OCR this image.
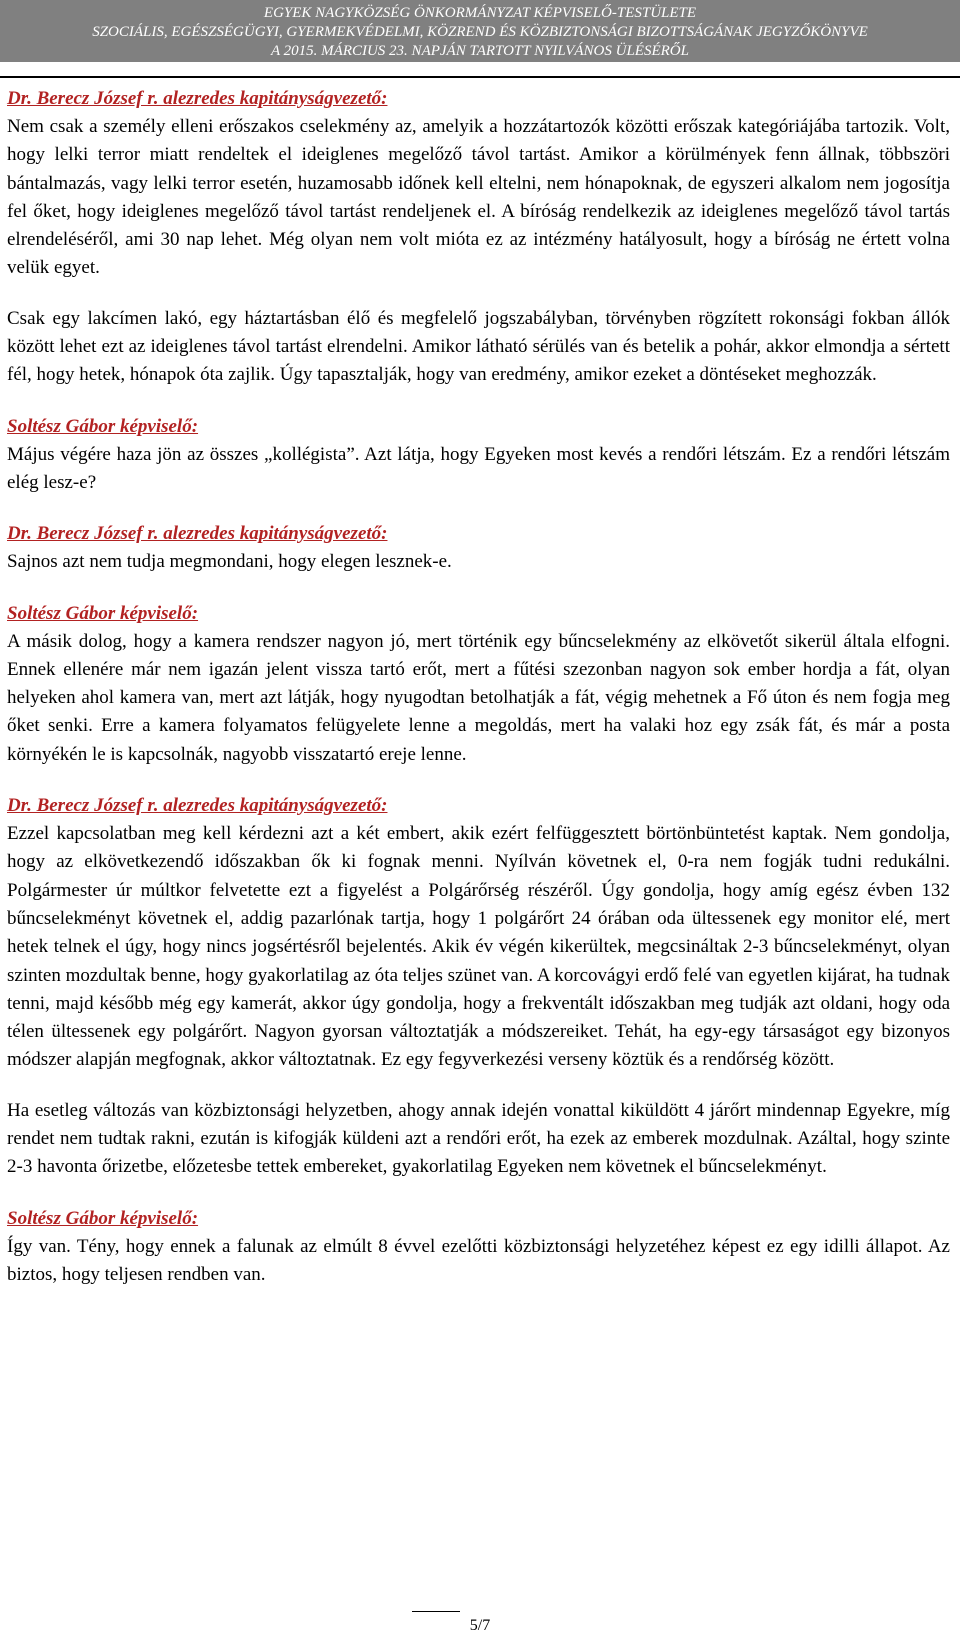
EGYEK NAGYKÖZSÉG ÖNKORMÁNYZAT KÉPVISELŐ-TESTÜLETE
SZOCIÁLIS, EGÉSZSÉGÜGYI, GYERMEKVÉDELMI, KÖZREND ÉS KÖZBIZTONSÁGI BIZOTTSÁGÁNAK JEGYZŐKÖNYVE
A 2015. MÁRCIUS 23. NAPJÁN TARTOTT NYILVÁNOS ÜLÉSÉRŐL

Dr. Berecz József r. alezredes kapitányságvezető:

Nem csak a személy elleni erőszakos cselekmény az, amelyik a hozzátartozók közötti erőszak kategóriájába tartozik. Volt, hogy lelki terror miatt rendeltek el ideiglenes megelőző távol tartást. Amikor a körülmények fenn állnak, többszöri bántalmazás, vagy lelki terror esetén, huzamosabb időnek kell eltelni, nem hónapoknak, de egyszeri alkalom nem jogosítja fel őket, hogy ideiglenes megelőző távol tartást rendeljenek el. A bíróság rendelkezik az ideiglenes megelőző távol tartás elrendeléséről, ami 30 nap lehet. Még olyan nem volt mióta ez az intézmény hatályosult, hogy a bíróság ne értett volna velük egyet.

Csak egy lakcímen lakó, egy háztartásban élő és megfelelő jogszabályban, törvényben rögzített rokonsági fokban állók között lehet ezt az ideiglenes távol tartást elrendelni. Amikor látható sérülés van és betelik a pohár, akkor elmondja a sértett fél, hogy hetek, hónapok óta zajlik. Úgy tapasztalják, hogy van eredmény, amikor ezeket a döntéseket meghozzák.

Soltész Gábor képviselő:

Május végére haza jön az összes „kollégista”. Azt látja, hogy Egyeken most kevés a rendőri létszám. Ez a rendőri létszám elég lesz-e?

Dr. Berecz József r. alezredes kapitányságvezető:

Sajnos azt nem tudja megmondani, hogy elegen lesznek-e.

Soltész Gábor képviselő:

A másik dolog, hogy a kamera rendszer nagyon jó, mert történik egy bűncselekmény az elkövetőt sikerül általa elfogni. Ennek ellenére már nem igazán jelent vissza tartó erőt, mert a fűtési szezonban nagyon sok ember hordja a fát, olyan helyeken ahol kamera van, mert azt látják, hogy nyugodtan betolhatják a fát, végig mehetnek a Fő úton és nem fogja meg őket senki. Erre a kamera folyamatos felügyelete lenne a megoldás, mert ha valaki hoz egy zsák fát, és már a posta környékén le is kapcsolnák, nagyobb visszatartó ereje lenne.

Dr. Berecz József r. alezredes kapitányságvezető:

Ezzel kapcsolatban meg kell kérdezni azt a két embert, akik ezért felfüggesztett börtönbüntetést kaptak. Nem gondolja, hogy az elkövetkezendő időszakban ők ki fognak menni. Nyílván követnek el, 0-ra nem fogják tudni redukálni. Polgármester úr múltkor felvetette ezt a figyelést a Polgárőrség részéről. Úgy gondolja, hogy amíg egész évben 132 bűncselekményt követnek el, addig pazarlónak tartja, hogy 1 polgárőrt 24 órában oda ültessenek egy monitor elé, mert hetek telnek el úgy, hogy nincs jogsértésről bejelentés. Akik év végén kikerültek, megcsináltak 2-3 bűncselekményt, olyan szinten mozdultak benne, hogy gyakorlatilag az óta teljes szünet van. A korcovágyi erdő felé van egyetlen kijárat, ha tudnak tenni, majd később még egy kamerát, akkor úgy gondolja, hogy a frekventált időszakban meg tudják azt oldani, hogy oda télen ültessenek egy polgárőrt. Nagyon gyorsan változtatják a módszereiket. Tehát, ha egy-egy társaságot egy bizonyos módszer alapján megfognak, akkor változtatnak. Ez egy fegyverkezési verseny köztük és a rendőrség között.

Ha esetleg változás van közbiztonsági helyzetben, ahogy annak idején vonattal kiküldött 4 járőrt mindennap Egyekre, míg rendet nem tudtak rakni, ezután is kifogják küldeni azt a rendőri erőt, ha ezek az emberek mozdulnak. Azáltal, hogy szinte 2-3 havonta őrizetbe, előzetesbe tettek embereket, gyakorlatilag Egyeken nem követnek el bűncselekményt.

Soltész Gábor képviselő:

Így van. Tény, hogy ennek a falunak az elmúlt 8 évvel ezelőtti közbiztonsági helyzetéhez képest ez egy idilli állapot. Az biztos, hogy teljesen rendben van.

5/7
